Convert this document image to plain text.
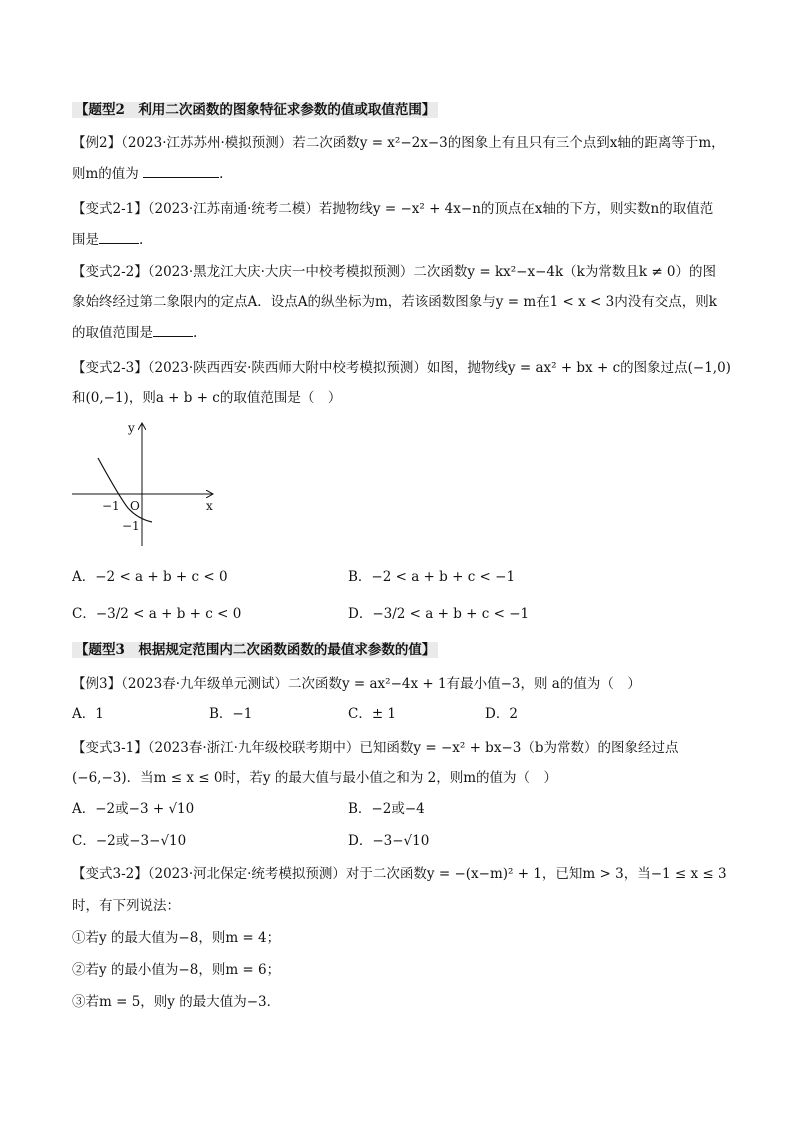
【题型2　利用二次函数的图象特征求参数的值或取值范围】
【例2】（2023·江苏苏州·模拟预测）若二次函数y = x²−2x−3的图象上有且只有三个点到x轴的距离等于m，
则m的值为	.
【变式2-1】（2023·江苏南通·统考二模）若抛物线y = −x² + 4x−n的顶点在x轴的下方，则实数n的取值范
围是	.
【变式2-2】（2023·黑龙江大庆·大庆一中校考模拟预测）二次函数y = kx²−x−4k（k为常数且k ≠ 0）的图
象始终经过第二象限内的定点A．设点A的纵坐标为m，若该函数图象与y = m在1 < x < 3内没有交点，则k
的取值范围是	.
【变式2-3】（2023·陕西西安·陕西师大附中校考模拟预测）如图，抛物线y = ax² + bx + c的图象过点(−1,0)
和(0,−1)，则a + b + c的取值范围是（　）
y
x
O
−1
−1
A．−2 < a + b + c < 0	B．−2 < a + b + c < −1
C．−3/2 < a + b + c < 0	D．−3/2 < a + b + c < −1
【题型3　根据规定范围内二次函数函数的最值求参数的值】
【例3】（2023春·九年级单元测试）二次函数y = ax²−4x + 1有最小值−3，则 a的值为（　）
A．1	B．−1	C．± 1	D．2
【变式3-1】（2023春·浙江·九年级校联考期中）已知函数y = −x² + bx−3（b为常数）的图象经过点
(−6,−3)．当m ≤ x ≤ 0时，若y 的最大值与最小值之和为 2，则m的值为（　）
A．−2或−3 + √10	B．−2或−4
C．−2或−3−√10	D．−3−√10
【变式3-2】（2023·河北保定·统考模拟预测）对于二次函数y = −(x−m)² + 1，已知m > 3，当−1 ≤ x ≤ 3
时，有下列说法：
①若y 的最大值为−8，则m = 4；
②若y 的最小值为−8，则m = 6；
③若m = 5，则y 的最大值为−3．
